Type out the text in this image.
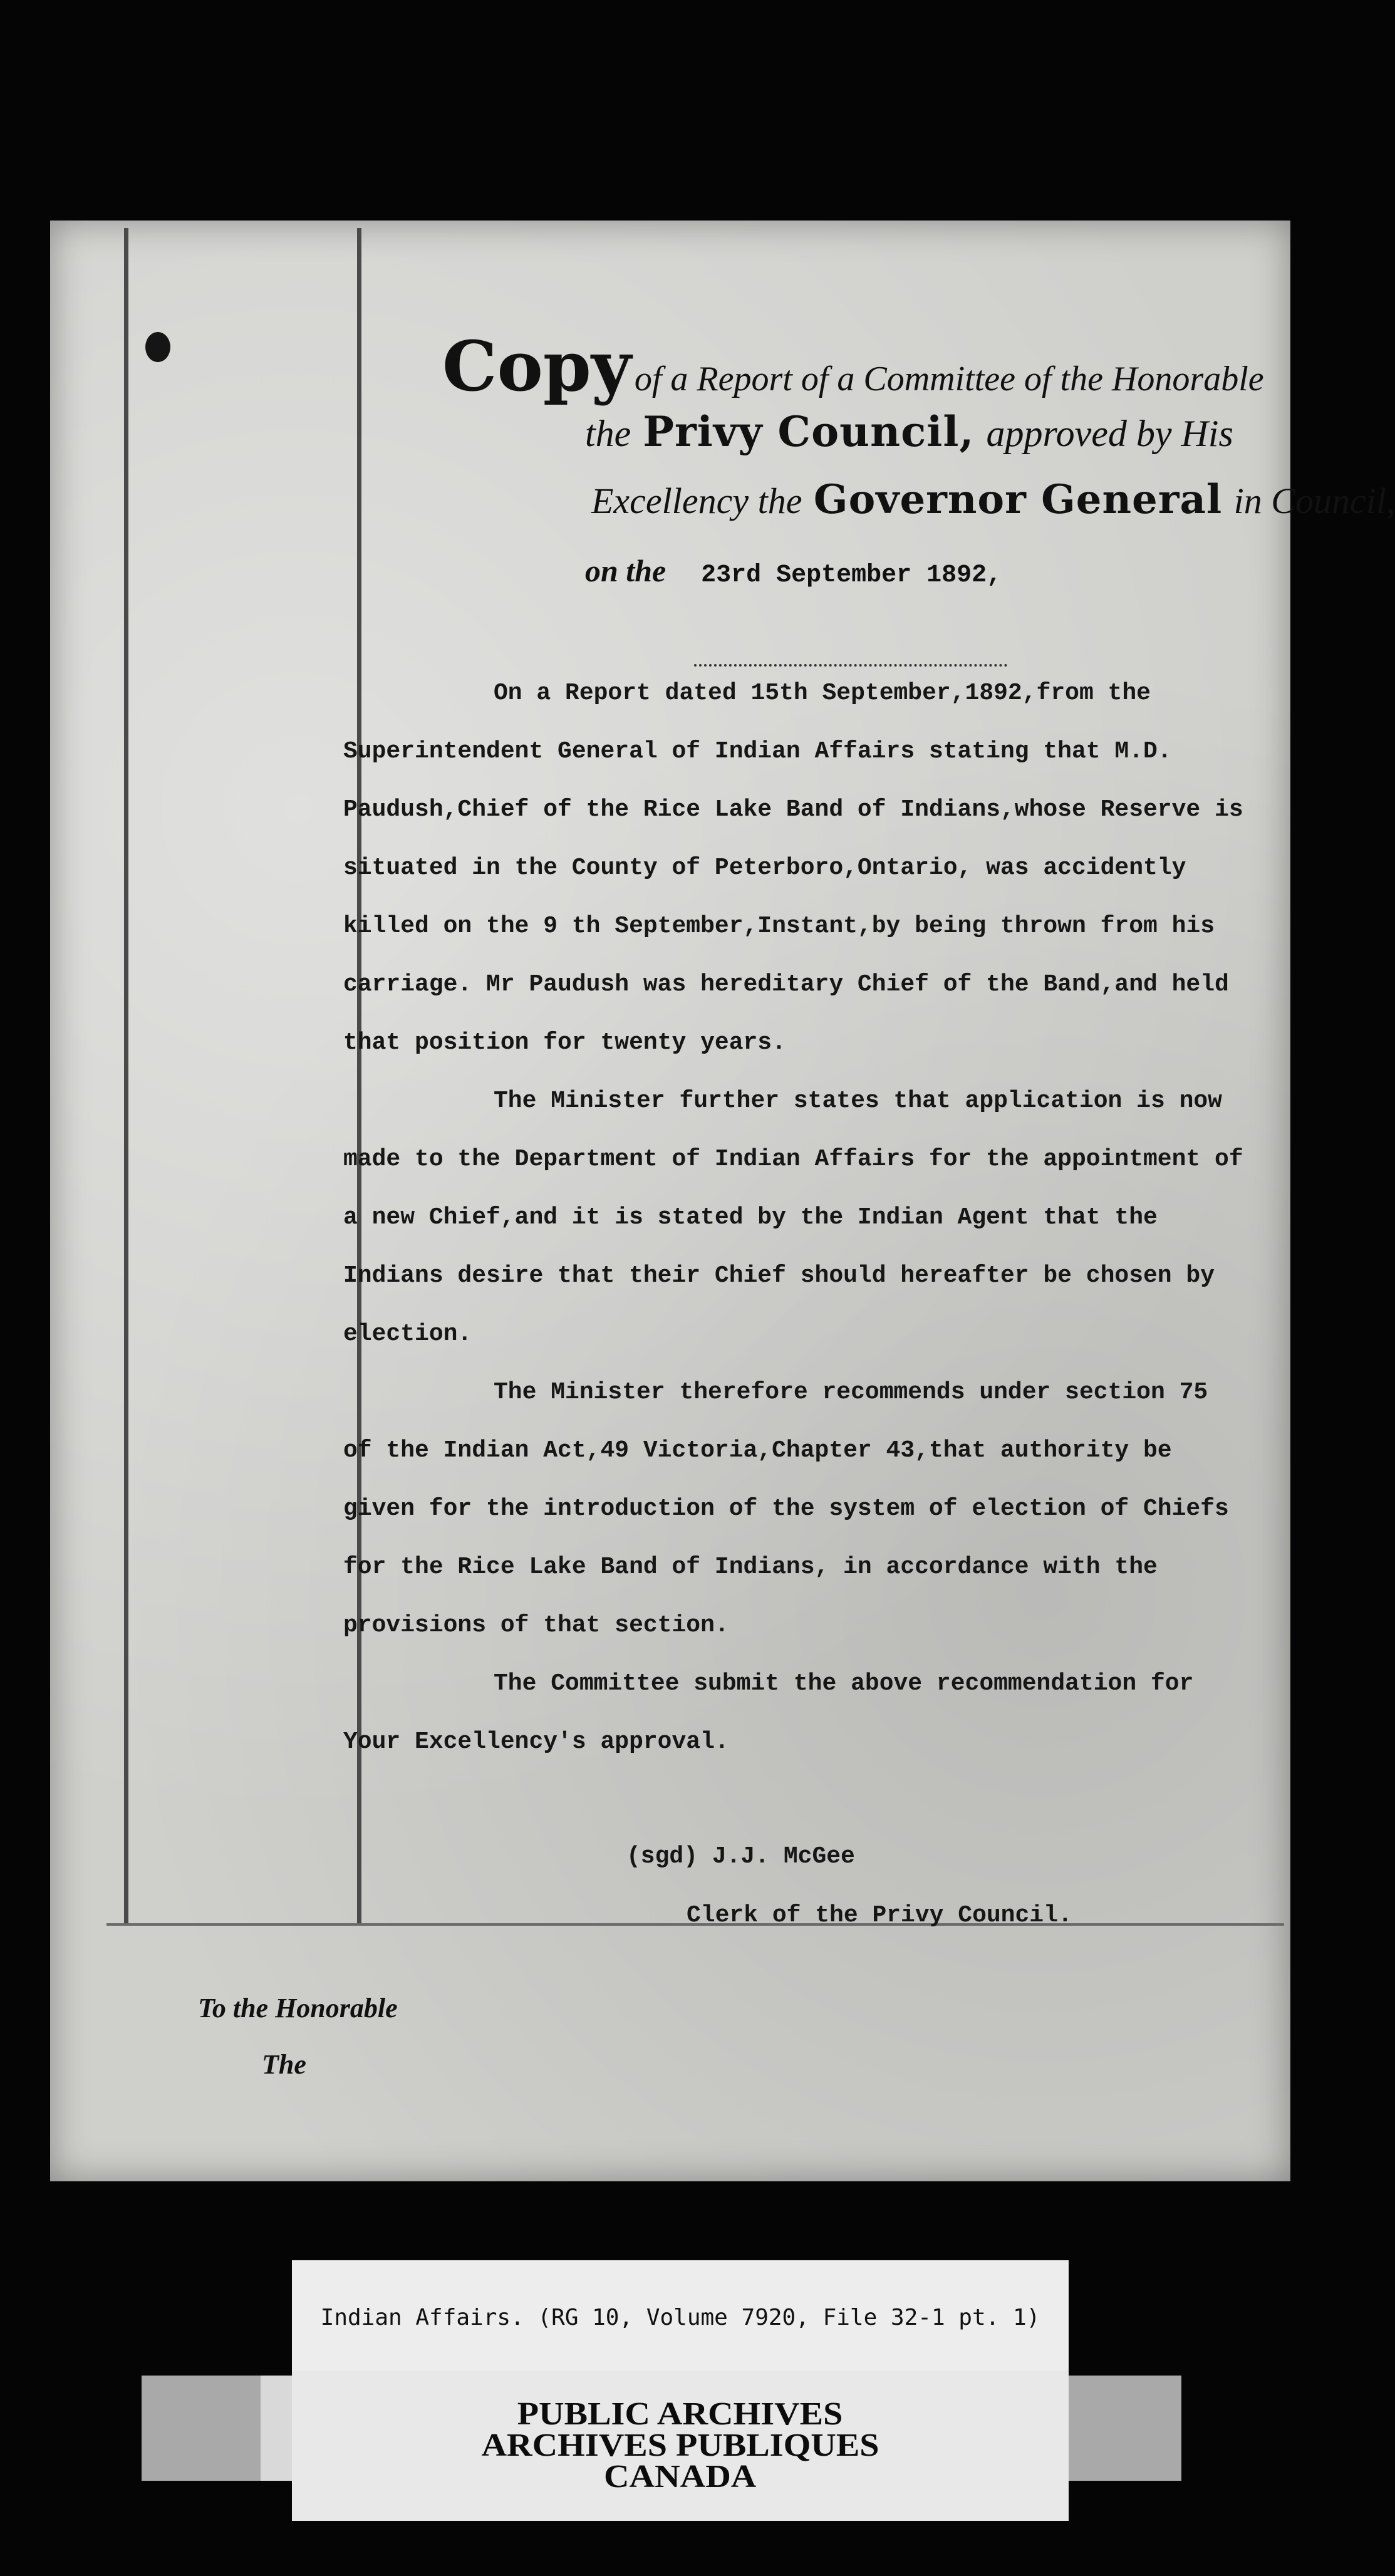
Copy of a Report of a Committee of the Honorable
the Privy Council, approved by His
Excellency the Governor General in Council,
on the 23rd September 1892,

On a Report dated 15th September,1892,from the Superintendent General of Indian Affairs stating that M.D. Paudush,Chief of the Rice Lake Band of Indians,whose Reserve is situated in the County of Peterboro,Ontario, was accidently killed on the 9 th September,Instant,by being thrown from his carriage. Mr Paudush was hereditary Chief of the Band,and held that position for twenty years.

The Minister further states that application is now made to the Department of Indian Affairs for the appointment of a new Chief,and it is stated by the Indian Agent that the Indians desire that their Chief should hereafter be chosen by election.

The Minister therefore recommends under section 75 of the Indian Act,49 Victoria,Chapter 43,that authority be given for the introduction of the system of election of Chiefs for the Rice Lake Band of Indians, in accordance with the provisions of that section.

The Committee submit the above recommendation for Your Excellency's approval.

(sgd) J.J. McGee
Clerk of the Privy Council.
To the Honorable
The
Indian Affairs. (RG 10, Volume 7920, File 32-1 pt. 1)
PUBLIC ARCHIVES
ARCHIVES PUBLIQUES
CANADA
